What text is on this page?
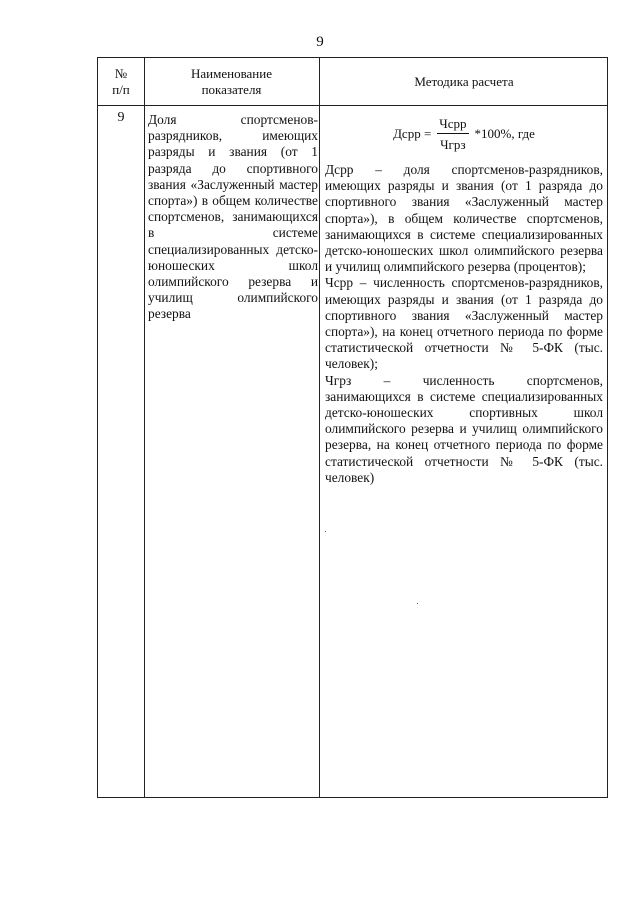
9
№
п/п
Наименование
показателя
Методика расчета
9	Доля спортсменов-разрядников, имеющих разряды и звания (от 1 разряда до спортивного звания «Заслуженный мастер спорта») в общем количестве спортсменов, занимающихся в системе специализированных детско-юношеских школ олимпийского резерва и училищ олимпийского резерва
Дсрр = $\frac{\text{Чсрр}}{\text{Чгрз}} *100\%$, где

Дсрр – доля спортсменов-разрядников, имеющих разряды и звания (от 1 разряда до спортивного звания «Заслуженный мастер спорта»), в общем количестве спортсменов, занимающихся в системе специализированных детско-юношеских школ олимпийского резерва и училищ олимпийского резерва (процентов);

Чсрр – численность спортсменов-разрядников, имеющих разряды и звания (от 1 разряда до спортивного звания «Заслуженный мастер спорта»), на конец отчетного периода по форме статистической отчетности № 5-ФК (тыс. человек);

Чгрз – численность спортсменов, занимающихся в системе специализированных детско-юношеских спортивных школ олимпийского резерва и училищ олимпийского резерва, на конец отчетного периода по форме статистической отчетности № 5-ФК (тыс. человек)
